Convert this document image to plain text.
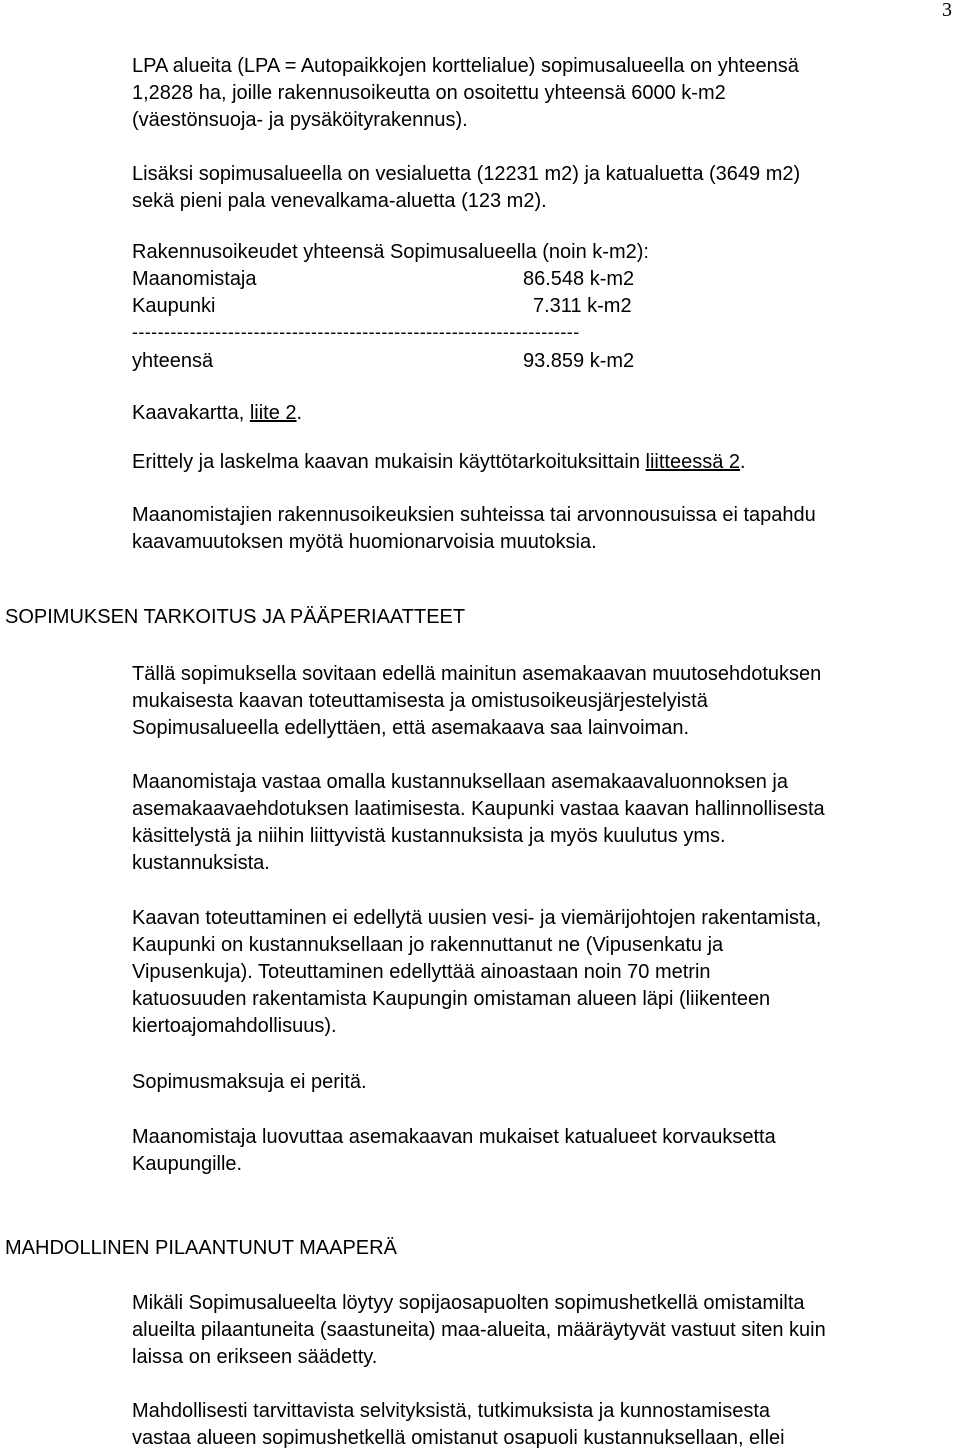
3
LPA alueita (LPA = Autopaikkojen korttelialue) sopimusalueella on yhteensä
1,2828 ha, joille rakennusoikeutta on osoitettu yhteensä 6000 k-m2
(väestönsuoja- ja pysäköityrakennus).
Lisäksi sopimusalueella on vesialuetta (12231 m2) ja katualuetta (3649 m2)
sekä pieni pala venevalkama-aluetta (123 m2).
Rakennusoikeudet yhteensä Sopimusalueella (noin k-m2):
Maanomistaja	86.548 k-m2
Kaupunki	7.311 k-m2
----------------------------------------------------------------------
yhteensä	93.859 k-m2
Kaavakartta, liite 2.
Erittely ja laskelma kaavan mukaisin käyttötarkoituksittain liitteessä 2.
Maanomistajien rakennusoikeuksien suhteissa tai arvonnousuissa ei tapahdu
kaavamuutoksen myötä huomionarvoisia muutoksia.
SOPIMUKSEN TARKOITUS JA PÄÄPERIAATTEET
Tällä sopimuksella sovitaan edellä mainitun asemakaavan muutosehdotuksen
mukaisesta kaavan toteuttamisesta ja omistusoikeusjärjestelyistä
Sopimusalueella edellyttäen, että asemakaava saa lainvoiman.
Maanomistaja vastaa omalla kustannuksellaan asemakaavaluonnoksen ja
asemakaavaehdotuksen laatimisesta. Kaupunki vastaa kaavan hallinnollisesta
käsittelystä ja niihin liittyvistä kustannuksista ja myös kuulutus yms.
kustannuksista.
Kaavan toteuttaminen ei edellytä uusien vesi- ja viemärijohtojen rakentamista,
Kaupunki on kustannuksellaan jo rakennuttanut ne (Vipusenkatu ja
Vipusenkuja). Toteuttaminen edellyttää ainoastaan noin 70 metrin
katuosuuden rakentamista Kaupungin omistaman alueen läpi (liikenteen
kiertoajomahdollisuus).
Sopimusmaksuja ei peritä.
Maanomistaja luovuttaa asemakaavan mukaiset katualueet korvauksetta
Kaupungille.
MAHDOLLINEN PILAANTUNUT MAAPERÄ
Mikäli Sopimusalueelta löytyy sopijaosapuolten sopimushetkellä omistamilta
alueilta pilaantuneita (saastuneita) maa-alueita, määräytyvät vastuut siten kuin
laissa on erikseen säädetty.
Mahdollisesti tarvittavista selvityksistä, tutkimuksista ja kunnostamisesta
vastaa alueen sopimushetkellä omistanut osapuoli kustannuksellaan, ellei
